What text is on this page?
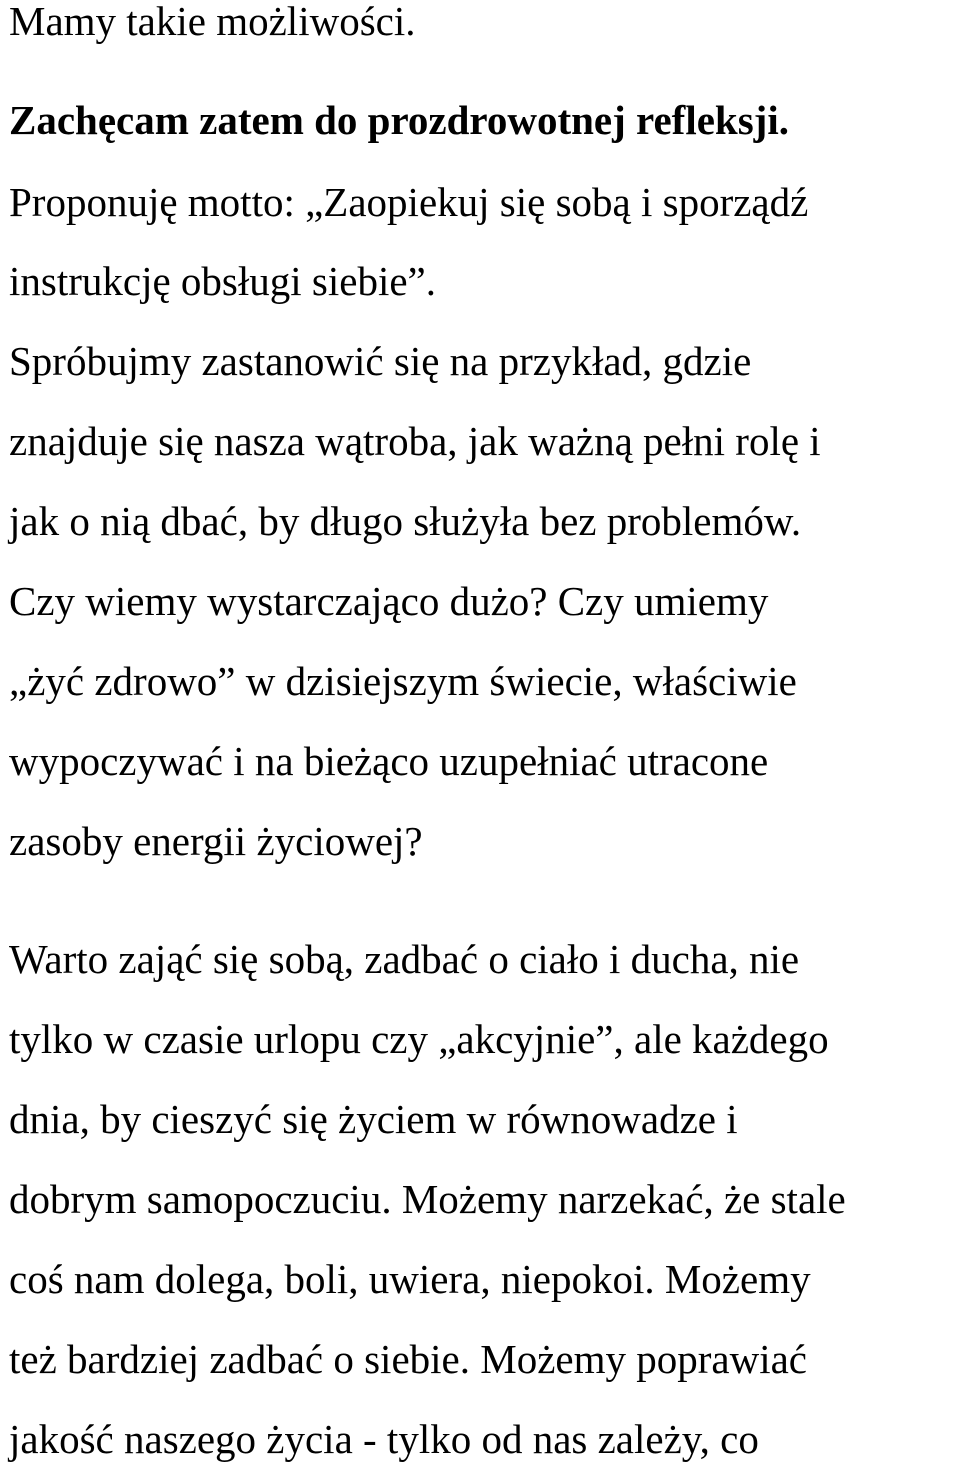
Mamy takie możliwości.
Zachęcam zatem do prozdrowotnej refleksji.
Proponuję motto: „Zaopiekuj się sobą i sporządź
instrukcję obsługi siebie”.
Spróbujmy zastanowić się na przykład, gdzie
znajduje się nasza wątroba, jak ważną pełni rolę i
jak o nią dbać, by długo służyła bez problemów.
Czy wiemy wystarczająco dużo? Czy umiemy
„żyć zdrowo” w dzisiejszym świecie, właściwie
wypoczywać i na bieżąco uzupełniać utracone
zasoby energii życiowej?
Warto zająć się sobą, zadbać o ciało i ducha, nie
tylko w czasie urlopu czy „akcyjnie”, ale każdego
dnia, by cieszyć się życiem w równowadze i
dobrym samopoczuciu. Możemy narzekać, że stale
coś nam dolega, boli, uwiera, niepokoi. Możemy
też bardziej zadbać o siebie. Możemy poprawiać
jakość naszego życia - tylko od nas zależy, co
